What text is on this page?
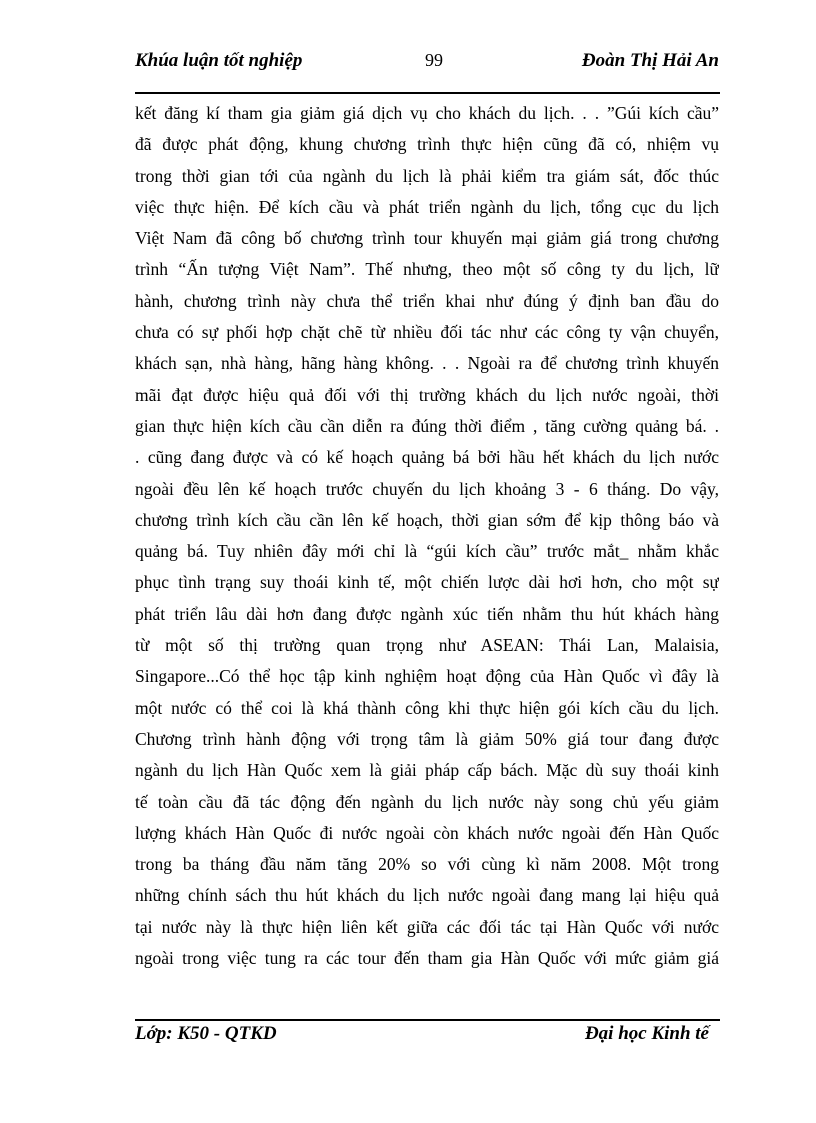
Khúa luận tốt nghiệp	99	Đoàn Thị Hải An
kết đăng kí tham gia giảm giá dịch vụ cho khách du lịch. . . ”Gúi kích cầu”
đã được phát động, khung chương trình thực hiện cũng đã có, nhiệm vụ
trong thời gian tới của ngành du lịch là phải kiểm tra giám sát, đốc thúc
việc thực hiện. Để kích cầu và phát triển ngành du lịch, tổng cục du lịch
Việt Nam đã công bố chương trình tour khuyến mại giảm giá trong chương
trình “Ấn tượng Việt Nam”. Thế nhưng, theo một số công ty du lịch, lữ
hành, chương trình này chưa thể triển khai như đúng ý định ban đầu do
chưa có sự phối hợp chặt chẽ từ nhiều đối tác như các công ty vận chuyển,
khách sạn, nhà hàng, hãng hàng không. . . Ngoài ra để chương trình khuyến
mãi đạt được hiệu quả đối với thị trường khách du lịch nước ngoài, thời
gian thực hiện kích cầu cần diễn ra đúng thời điểm , tăng cường quảng bá. .
. cũng đang được và có kế hoạch quảng bá bởi hầu hết khách du lịch nước
ngoài đều lên kế hoạch trước chuyến du lịch khoảng 3 - 6 tháng. Do vậy,
chương trình kích cầu cần lên kế hoạch, thời gian sớm để kịp thông báo và
quảng bá. Tuy nhiên đây mới chỉ là “gúi kích cầu” trước mắt_ nhằm khắc
phục tình trạng suy thoái kinh tế, một chiến lược dài hơi hơn, cho một sự
phát triển lâu dài hơn đang được ngành xúc tiến nhằm thu hút khách hàng
từ một số thị trường quan trọng như ASEAN: Thái Lan, Malaisia,
Singapore...Có thể học tập kinh nghiệm hoạt động của Hàn Quốc vì đây là
một nước có thể coi là khá thành công khi thực hiện gói kích cầu du lịch.
Chương trình hành động với trọng tâm là giảm 50% giá tour đang được
ngành du lịch Hàn Quốc xem là giải pháp cấp bách. Mặc dù suy thoái kinh
tế toàn cầu đã tác động đến ngành du lịch nước này song chủ yếu giảm
lượng khách Hàn Quốc đi nước ngoài còn khách nước ngoài đến Hàn Quốc
trong ba tháng đầu năm tăng 20% so với cùng kì năm 2008. Một trong
những chính sách thu hút khách du lịch nước ngoài đang mang lại hiệu quả
tại nước này là thực hiện liên kết giữa các đối tác tại Hàn Quốc với nước
ngoài trong việc tung ra các tour đến tham gia Hàn Quốc với mức giảm giá
Lớp: K50 - QTKD	Đại học Kinh tế
